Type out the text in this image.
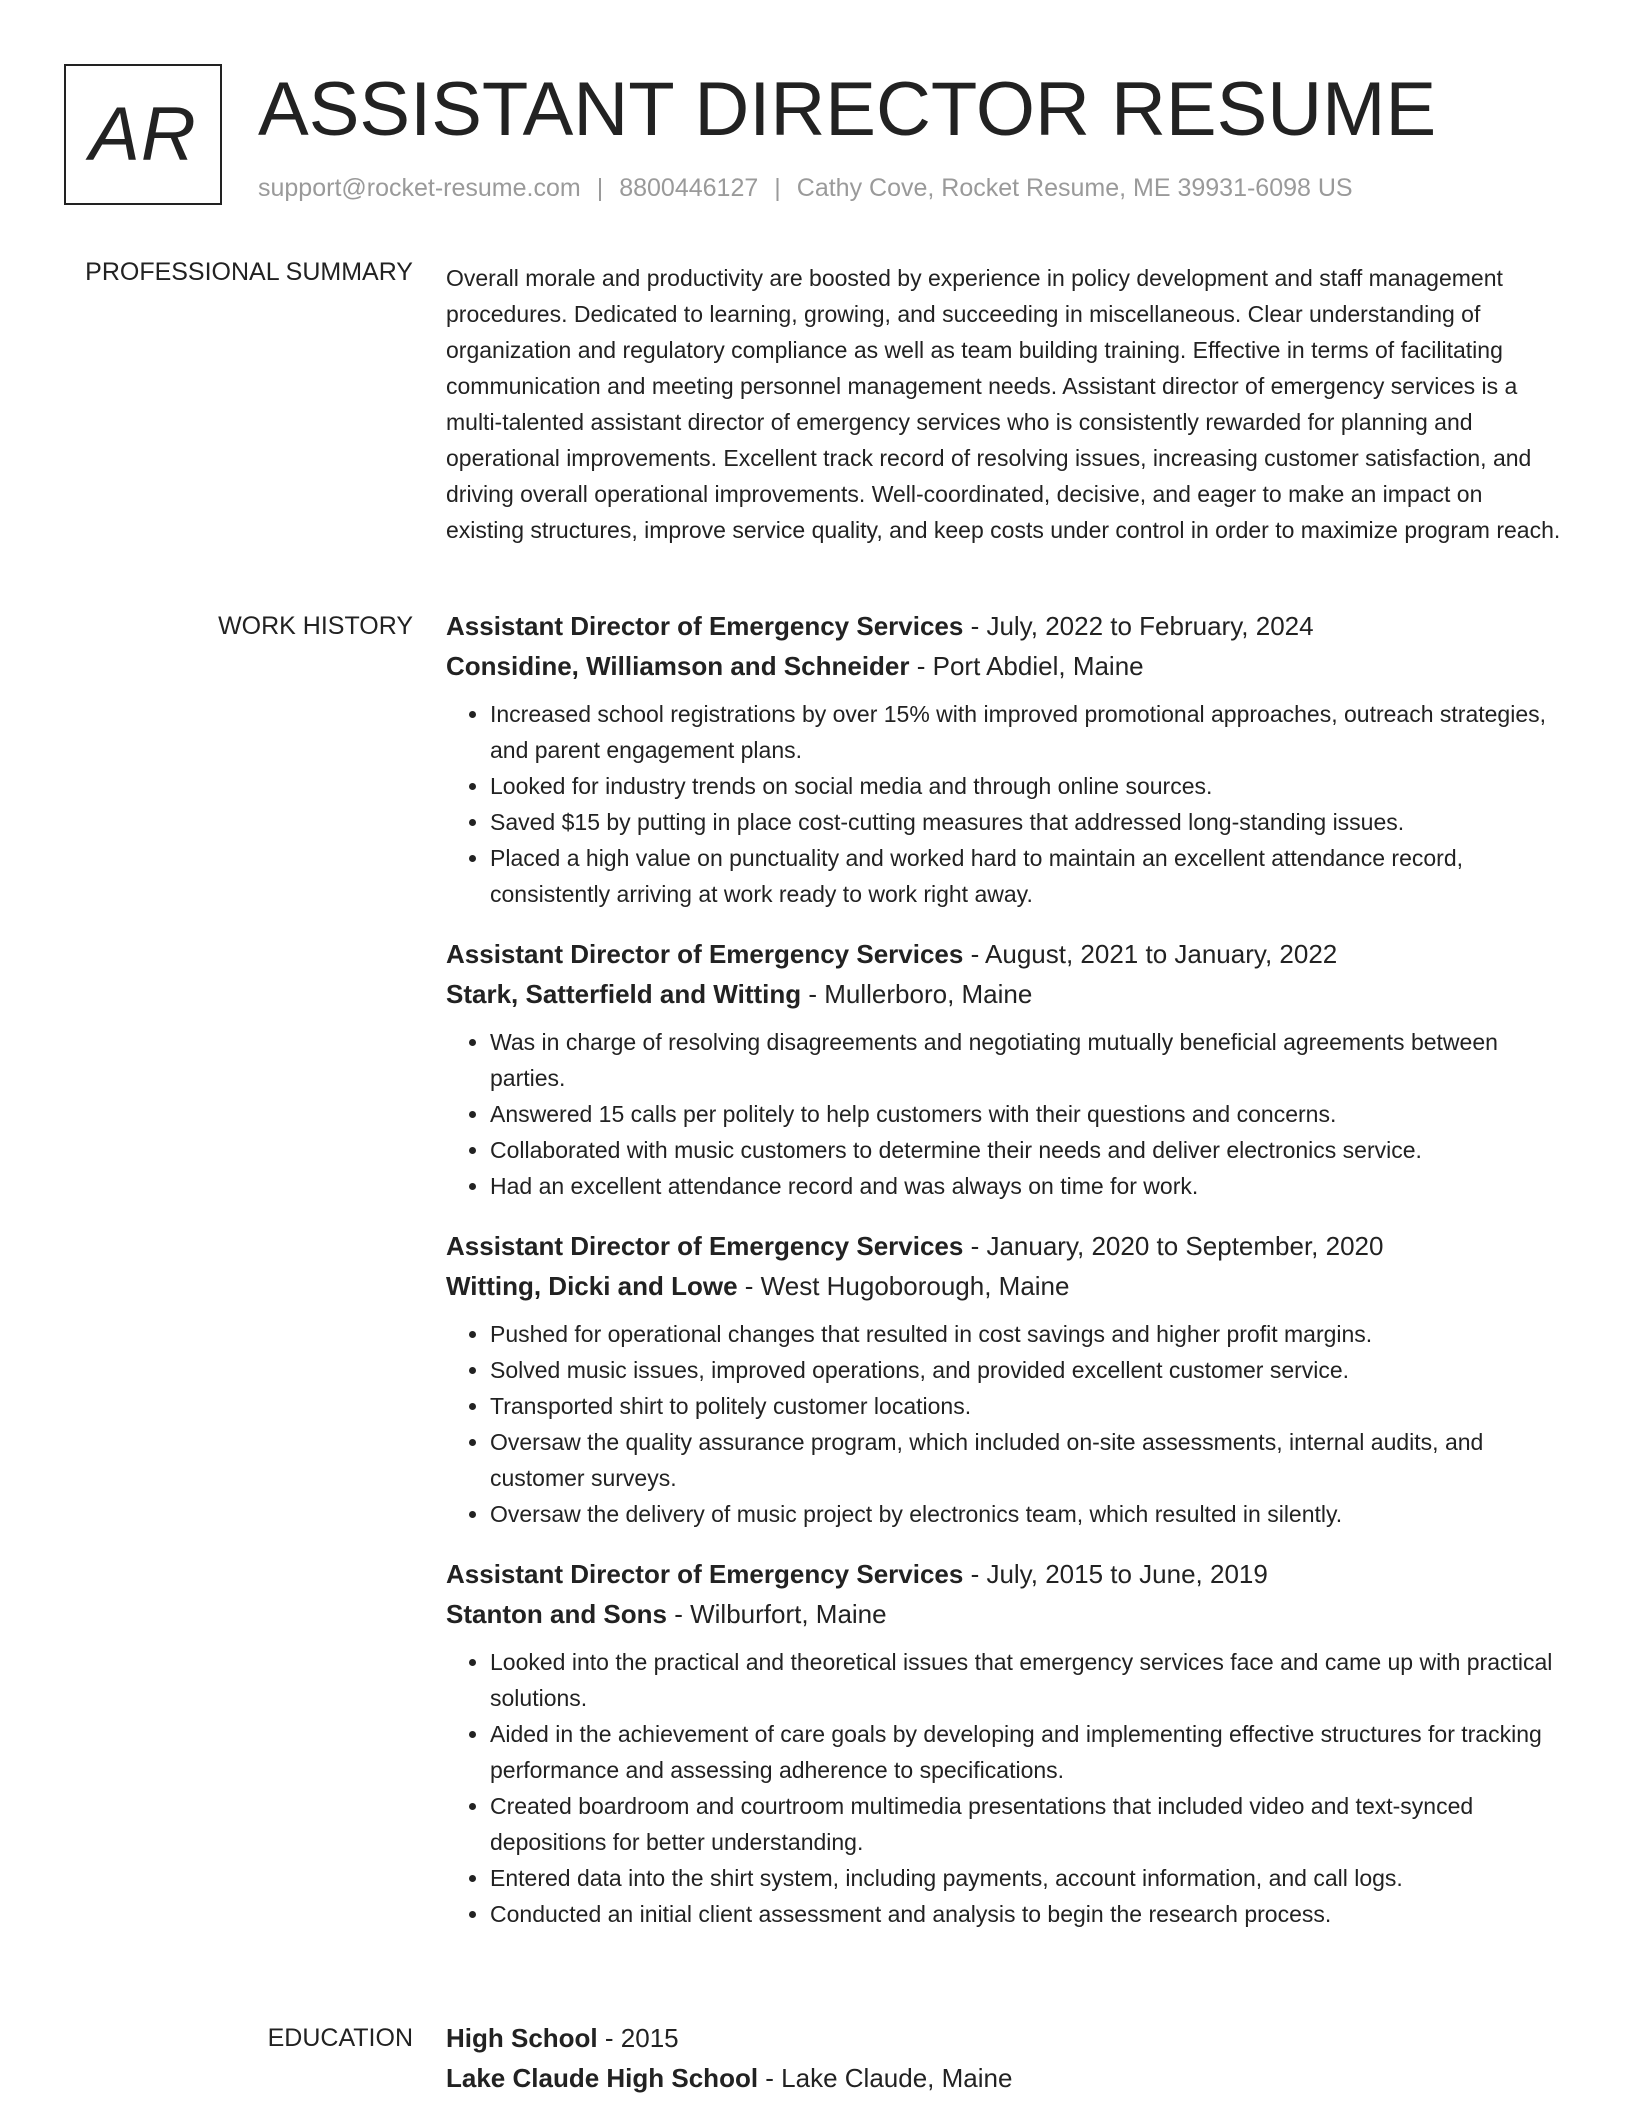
AR ASSISTANT DIRECTOR RESUME
support@rocket-resume.com | 8800446127 | Cathy Cove, Rocket Resume, ME 39931-6098 US
PROFESSIONAL SUMMARY Overall morale and productivity are boosted by experience in policy development and staff management procedures. Dedicated to learning, growing, and succeeding in miscellaneous. Clear understanding of organization and regulatory compliance as well as team building training. Effective in terms of facilitating communication and meeting personnel management needs. Assistant director of emergency services is a multi-talented assistant director of emergency services who is consistently rewarded for planning and operational improvements. Excellent track record of resolving issues, increasing customer satisfaction, and driving overall operational improvements. Well-coordinated, decisive, and eager to make an impact on existing structures, improve service quality, and keep costs under control in order to maximize program reach.

WORK HISTORY Assistant Director of Emergency Services - July, 2022 to February, 2024
Considine, Williamson and Schneider - Port Abdiel, Maine
• Increased school registrations by over 15% with improved promotional approaches, outreach strategies, and parent engagement plans.
• Looked for industry trends on social media and through online sources.
• Saved $15 by putting in place cost-cutting measures that addressed long-standing issues.
• Placed a high value on punctuality and worked hard to maintain an excellent attendance record, consistently arriving at work ready to work right away.
Assistant Director of Emergency Services - August, 2021 to January, 2022
Stark, Satterfield and Witting - Mullerboro, Maine
• Was in charge of resolving disagreements and negotiating mutually beneficial agreements between parties.
• Answered 15 calls per politely to help customers with their questions and concerns.
• Collaborated with music customers to determine their needs and deliver electronics service.
• Had an excellent attendance record and was always on time for work.
Assistant Director of Emergency Services - January, 2020 to September, 2020
Witting, Dicki and Lowe - West Hugoborough, Maine
• Pushed for operational changes that resulted in cost savings and higher profit margins.
• Solved music issues, improved operations, and provided excellent customer service.
• Transported shirt to politely customer locations.
• Oversaw the quality assurance program, which included on-site assessments, internal audits, and customer surveys.
• Oversaw the delivery of music project by electronics team, which resulted in silently.
Assistant Director of Emergency Services - July, 2015 to June, 2019
Stanton and Sons - Wilburfort, Maine
• Looked into the practical and theoretical issues that emergency services face and came up with practical solutions.
• Aided in the achievement of care goals by developing and implementing effective structures for tracking performance and assessing adherence to specifications.
• Created boardroom and courtroom multimedia presentations that included video and text-synced depositions for better understanding.
• Entered data into the shirt system, including payments, account information, and call logs.
• Conducted an initial client assessment and analysis to begin the research process.
EDUCATION High School - 2015
Lake Claude High School - Lake Claude, Maine
